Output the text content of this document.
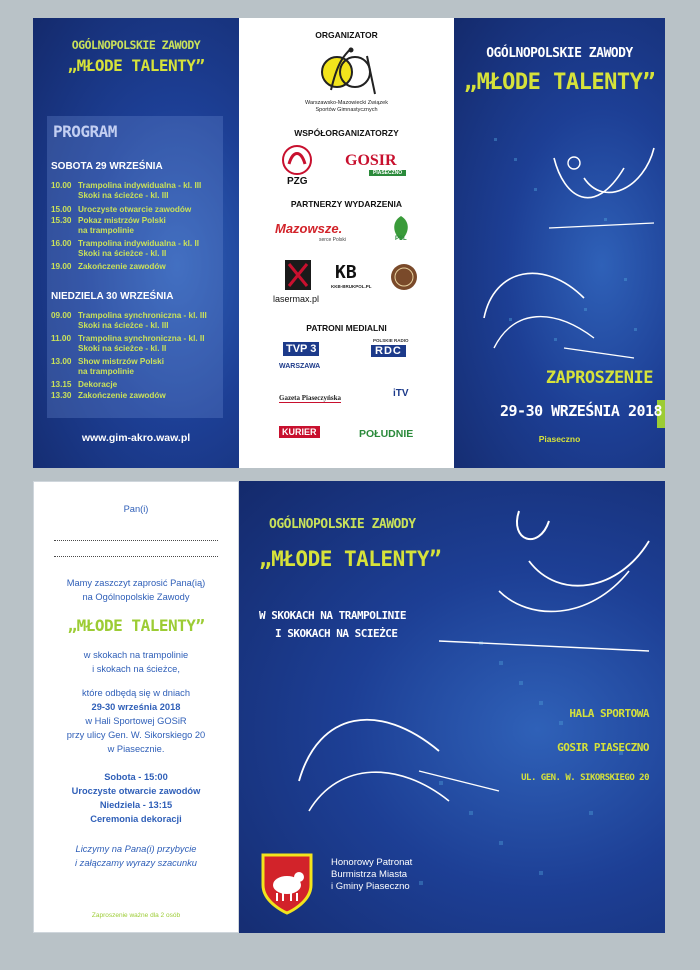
OGÓLNOPOLSKIE ZAWODY
„MŁODE TALENTY”
PROGRAM
SOBOTA 29 WRZEŚNIA
10.00 Trampolina indywidualna - kl. III
Skoki na ścieżce - kl. III
15.00 Uroczyste otwarcie zawodów
15.30 Pokaz mistrzów Polski
na trampolinie
16.00 Trampolina indywidualna - kl. II
Skoki na ścieżce - kl. II
19.00 Zakończenie zawodów
NIEDZIELA 30 WRZEŚNIA
09.00 Trampolina synchroniczna - kl. III
Skoki na ścieżce - kl. III
11.00 Trampolina synchroniczna - kl. II
Skoki na ścieżce - kl. II
13.00 Show mistrzów Polski
na trampolinie
13.15 Dekoracje
13.30 Zakończenie zawodów
www.gim-akro.waw.pl
ORGANIZATOR
Warszawsko-Mazowiecki Związek
Sportów Gimnastycznych
WSPÓŁORGANIZATORZY
PZG
GOSIR
PIASECZNO
PARTNERZY WYDARZENIA
Mazowsze.
serce Polski	PSL
lasermax.pl
KB
KKB-BRUKPOL.PL
PATRONI MEDIALNI
TVP 3
WARSZAWA
POLSKIE RADIO
RDC
Gazeta Piaseczyńska	iTV
KURIER	POŁUDNIE
OGÓLNOPOLSKIE ZAWODY
„MŁODE TALENTY”
ZAPROSZENIE
29-30 WRZEŚNIA 2018
Piaseczno
Pan(i)
Mamy zaszczyt zaprosić Pana(ią)
na Ogólnopolskie Zawody
„MŁODE TALENTY”
w skokach na trampolinie
i skokach na ścieżce,
które odbędą się w dniach
29-30 września 2018
w Hali Sportowej GOSiR
przy ulicy Gen. W. Sikorskiego 20
w Piasecznie.
Sobota - 15:00
Uroczyste otwarcie zawodów
Niedziela - 13:15
Ceremonia dekoracji
Liczymy na Pana(i) przybycie
i załączamy wyrazy szacunku
Zaproszenie ważne dla 2 osób
OGÓLNOPOLSKIE ZAWODY
„MŁODE TALENTY”
W SKOKACH NA TRAMPOLINIE
I SKOKACH NA SCIEŻCE
HALA SPORTOWA
GOSIR PIASECZNO
UL. GEN. W. SIKORSKIEGO 20
Honorowy Patronat
Burmistrza Miasta
i Gminy Piaseczno
